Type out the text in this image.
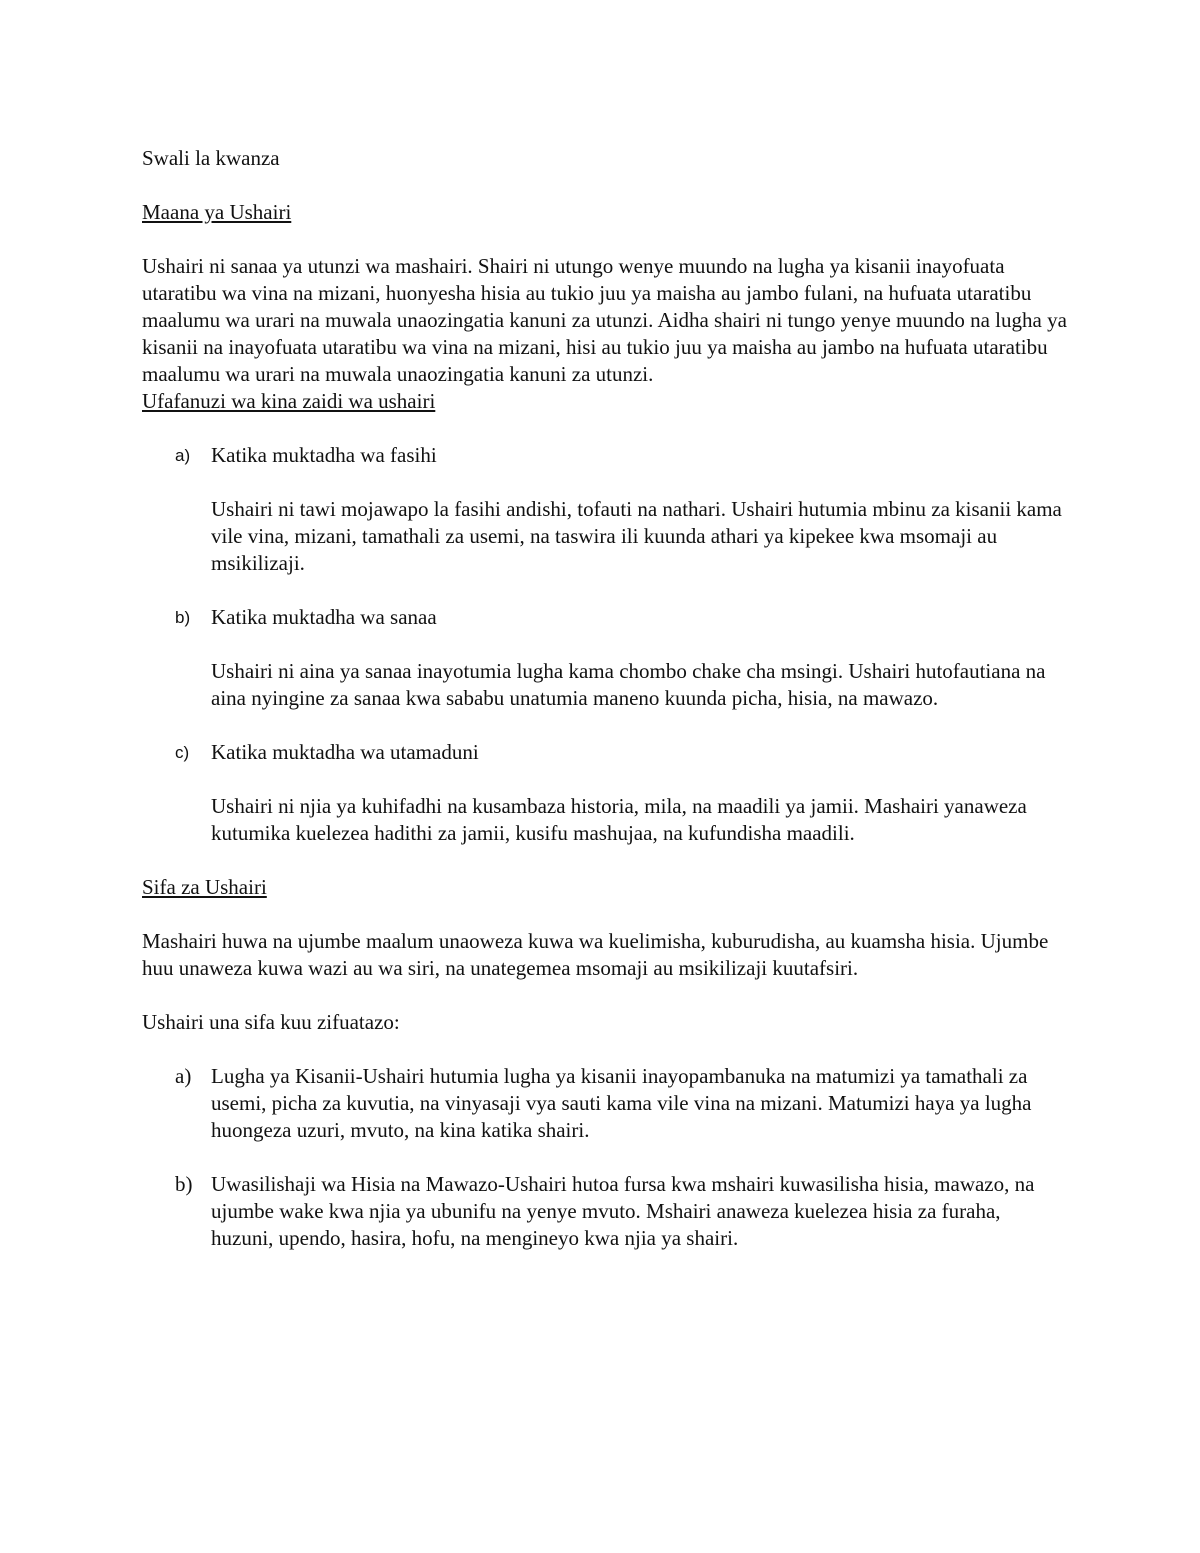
Swali la kwanza

Maana ya Ushairi

Ushairi ni sanaa ya utunzi wa mashairi. Shairi ni utungo wenye muundo na lugha ya kisanii inayofuata utaratibu wa vina na mizani, huonyesha hisia au tukio juu ya maisha au jambo fulani, na hufuata utaratibu maalumu wa urari na muwala unaozingatia kanuni za utunzi. Aidha shairi ni tungo yenye muundo na lugha ya kisanii na inayofuata utaratibu wa vina na mizani, hisi au tukio juu ya maisha au jambo na hufuata utaratibu maalumu wa urari na muwala unaozingatia kanuni za utunzi.

Ufafanuzi wa kina zaidi wa ushairi

a) Katika muktadha wa fasihi

Ushairi ni tawi mojawapo la fasihi andishi, tofauti na nathari. Ushairi hutumia mbinu za kisanii kama vile vina, mizani, tamathali za usemi, na taswira ili kuunda athari ya kipekee kwa msomaji au msikilizaji.

b) Katika muktadha wa sanaa

Ushairi ni aina ya sanaa inayotumia lugha kama chombo chake cha msingi. Ushairi hutofautiana na aina nyingine za sanaa kwa sababu unatumia maneno kuunda picha, hisia, na mawazo.

c) Katika muktadha wa utamaduni

Ushairi ni njia ya kuhifadhi na kusambaza historia, mila, na maadili ya jamii. Mashairi yanaweza kutumika kuelezea hadithi za jamii, kusifu mashujaa, na kufundisha maadili.

Sifa za Ushairi

Mashairi huwa na ujumbe maalum unaoweza kuwa wa kuelimisha, kuburudisha, au kuamsha hisia. Ujumbe huu unaweza kuwa wazi au wa siri, na unategemea msomaji au msikilizaji kuutafsiri.

Ushairi una sifa kuu zifuatazo:

a) Lugha ya Kisanii-Ushairi hutumia lugha ya kisanii inayopambanuka na matumizi ya tamathali za usemi, picha za kuvutia, na vinyasaji vya sauti kama vile vina na mizani. Matumizi haya ya lugha huongeza uzuri, mvuto, na kina katika shairi.

b) Uwasilishaji wa Hisia na Mawazo-Ushairi hutoa fursa kwa mshairi kuwasilisha hisia, mawazo, na ujumbe wake kwa njia ya ubunifu na yenye mvuto. Mshairi anaweza kuelezea hisia za furaha, huzuni, upendo, hasira, hofu, na mengineyo kwa njia ya shairi.
